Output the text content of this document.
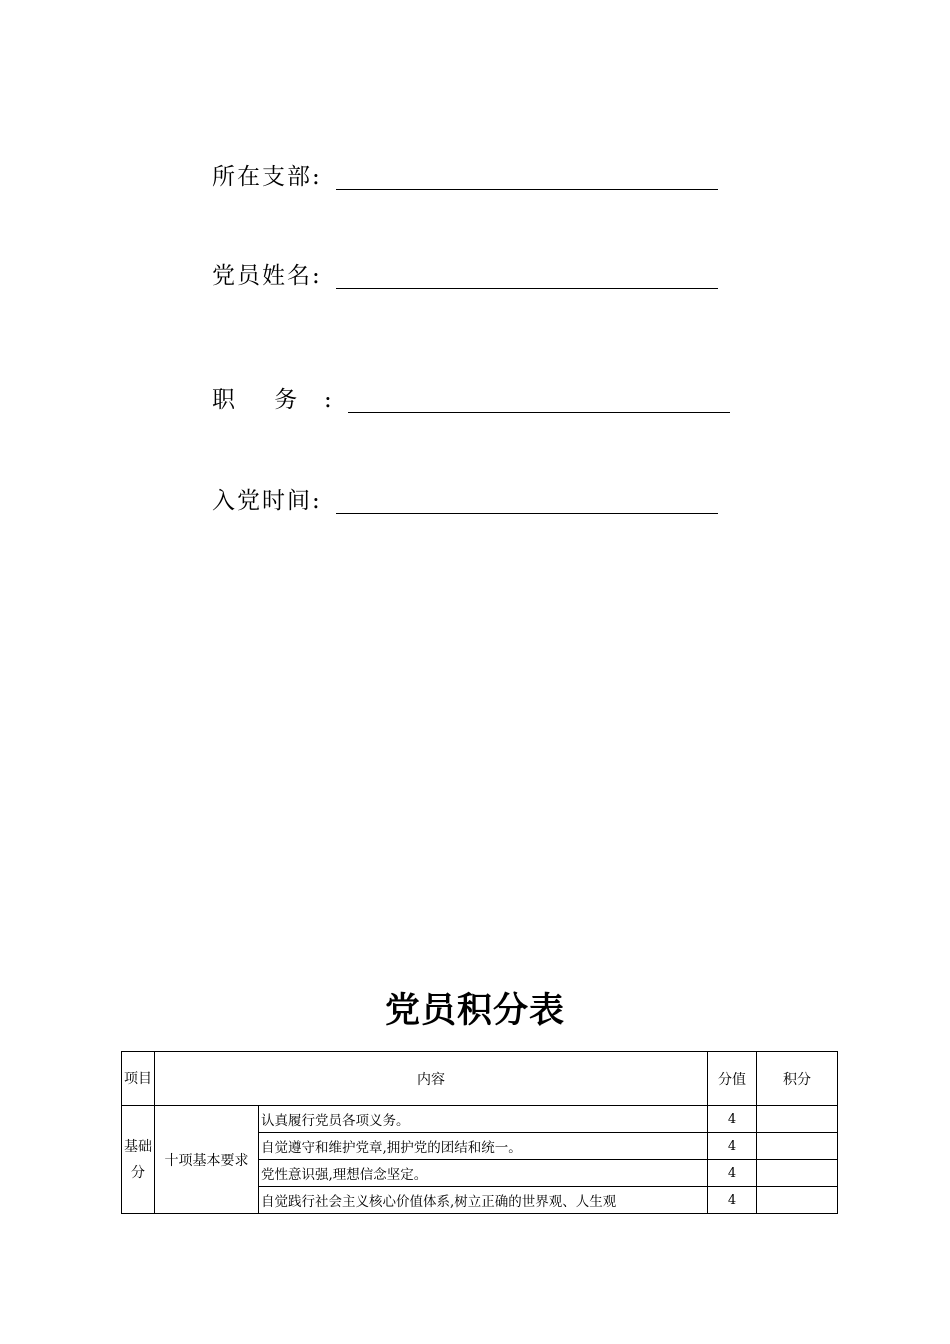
所在支部 :
党员姓名 :
职    务	:
入党时间 :
党员积分表
项目	内容		分值	积分
基础分	十项基本要求	认真履行党员各项义务。	4	
		自觉遵守和维护党章,拥护党的团结和统一。	4	
		党性意识强,理想信念坚定。	4	
		自觉践行社会主义核心价值体系,树立正确的世界观、人生观	4	
